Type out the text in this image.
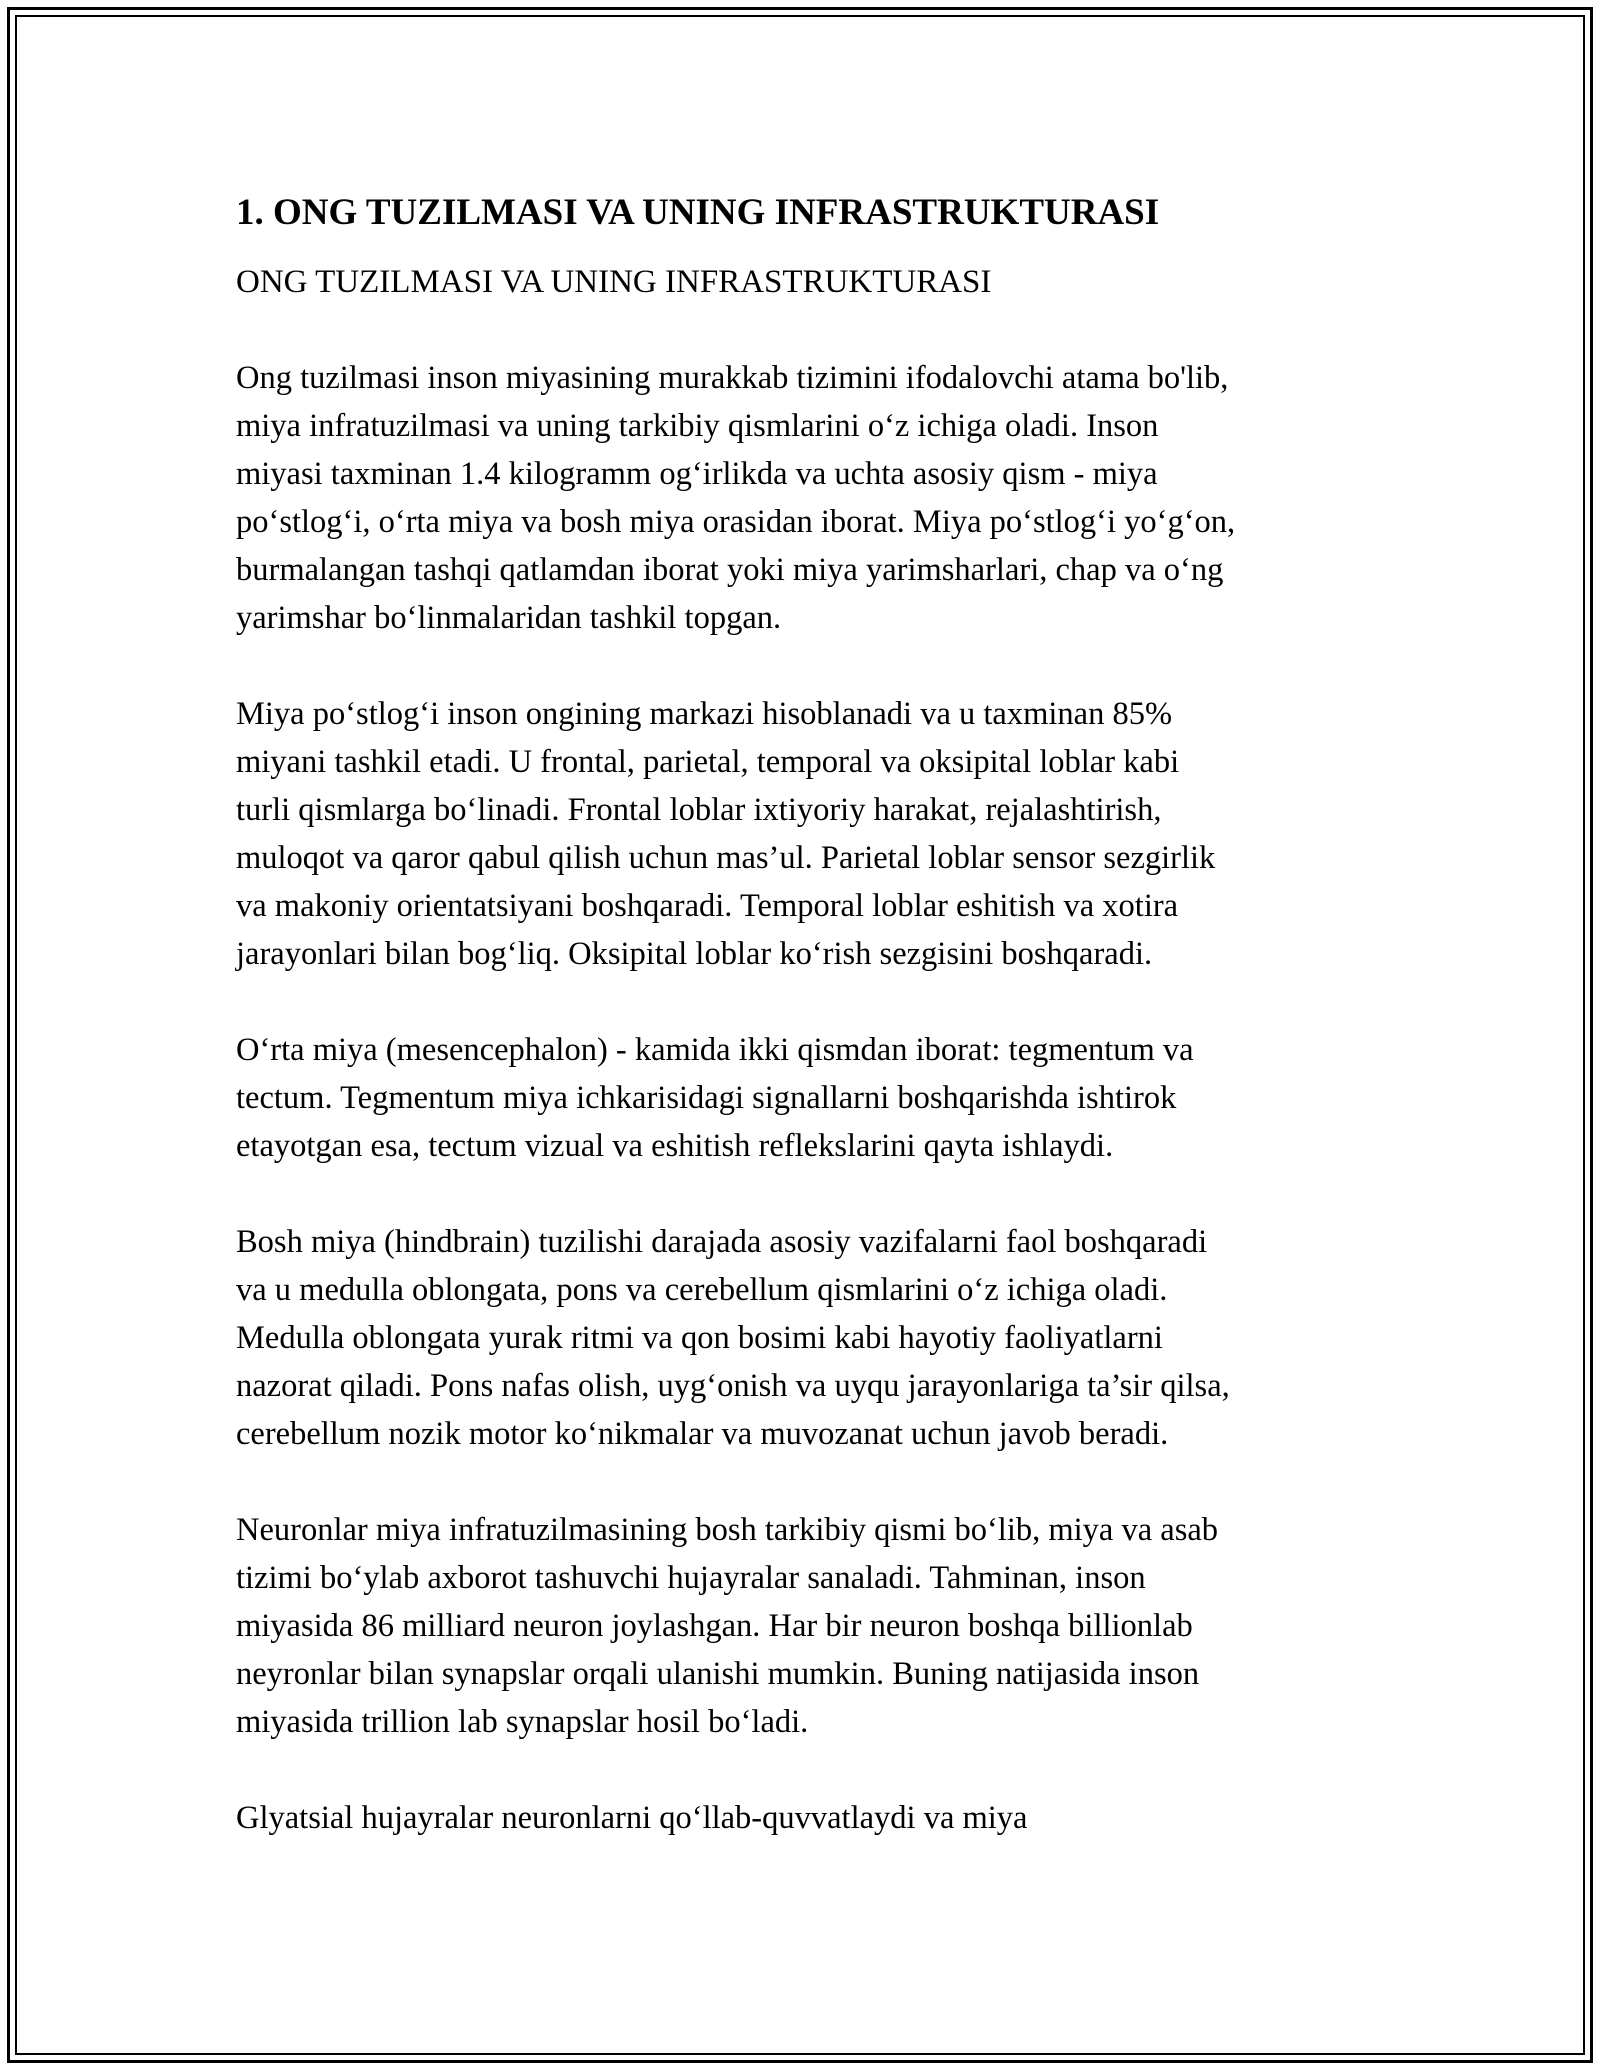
1. ONG TUZILMASI VA UNING INFRASTRUKTURASI
ONG TUZILMASI VA UNING INFRASTRUKTURASI
Ong tuzilmasi inson miyasining murakkab tizimini ifodalovchi atama bo'lib,
miya infratuzilmasi va uning tarkibiy qismlarini o‘z ichiga oladi. Inson
miyasi taxminan 1.4 kilogramm og‘irlikda va uchta asosiy qism - miya
po‘stlog‘i, o‘rta miya va bosh miya orasidan iborat. Miya po‘stlog‘i yo‘g‘on,
burmalangan tashqi qatlamdan iborat yoki miya yarimsharlari, chap va o‘ng
yarimshar bo‘linmalaridan tashkil topgan.
Miya po‘stlog‘i inson ongining markazi hisoblanadi va u taxminan 85%
miyani tashkil etadi. U frontal, parietal, temporal va oksipital loblar kabi
turli qismlarga bo‘linadi. Frontal loblar ixtiyoriy harakat, rejalashtirish,
muloqot va qaror qabul qilish uchun mas’ul. Parietal loblar sensor sezgirlik
va makoniy orientatsiyani boshqaradi. Temporal loblar eshitish va xotira
jarayonlari bilan bog‘liq. Oksipital loblar ko‘rish sezgisini boshqaradi.
O‘rta miya (mesencephalon) - kamida ikki qismdan iborat: tegmentum va
tectum. Tegmentum miya ichkarisidagi signallarni boshqarishda ishtirok
etayotgan esa, tectum vizual va eshitish reflekslarini qayta ishlaydi.
Bosh miya (hindbrain) tuzilishi darajada asosiy vazifalarni faol boshqaradi
va u medulla oblongata, pons va cerebellum qismlarini o‘z ichiga oladi.
Medulla oblongata yurak ritmi va qon bosimi kabi hayotiy faoliyatlarni
nazorat qiladi. Pons nafas olish, uyg‘onish va uyqu jarayonlariga ta’sir qilsa,
cerebellum nozik motor ko‘nikmalar va muvozanat uchun javob beradi.
Neuronlar miya infratuzilmasining bosh tarkibiy qismi bo‘lib, miya va asab
tizimi bo‘ylab axborot tashuvchi hujayralar sanaladi. Tahminan, inson
miyasida 86 milliard neuron joylashgan. Har bir neuron boshqa billionlab
neyronlar bilan synapslar orqali ulanishi mumkin. Buning natijasida inson
miyasida trillion lab synapslar hosil bo‘ladi.
Glyatsial hujayralar neuronlarni qo‘llab-quvvatlaydi va miya
